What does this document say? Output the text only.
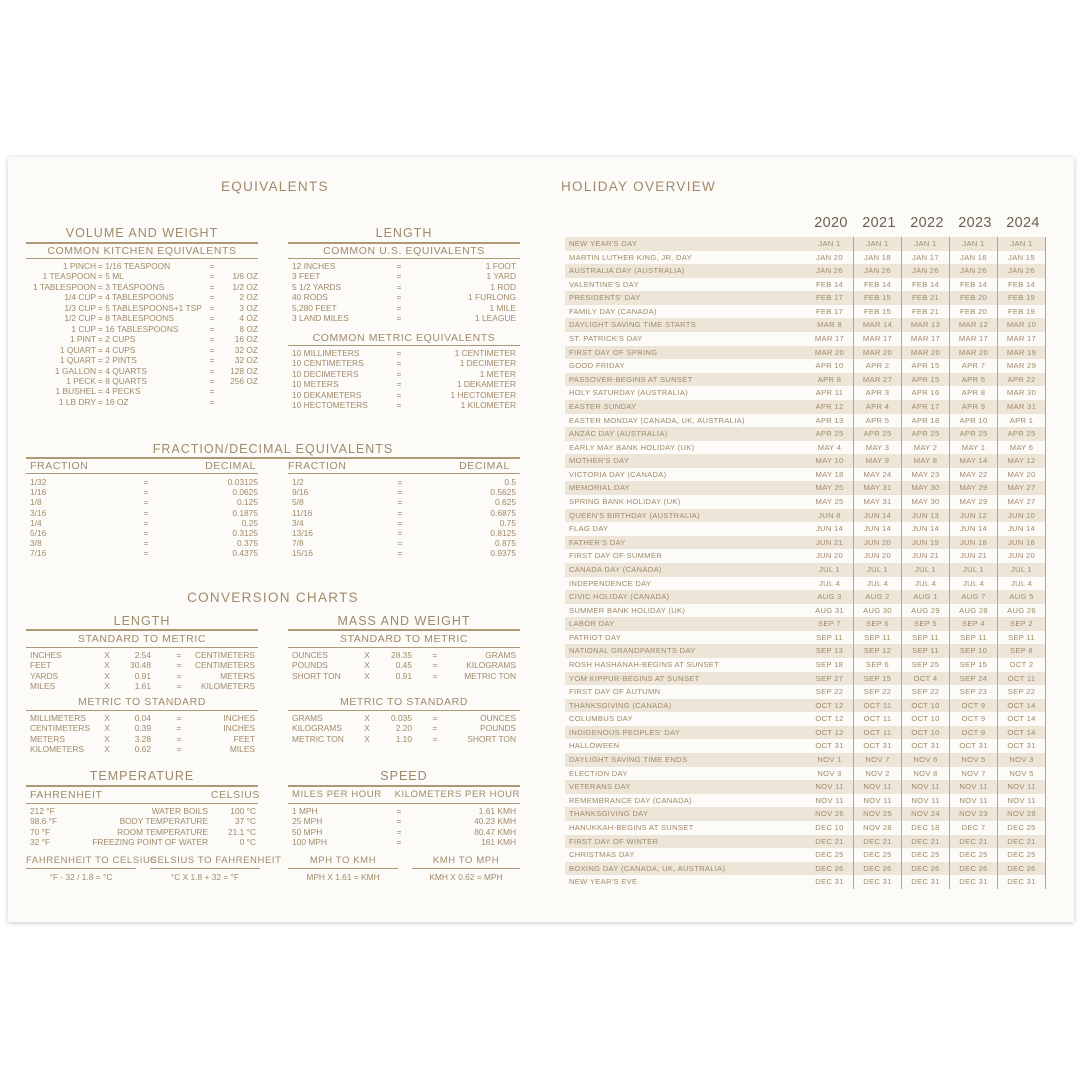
EQUIVALENTS
VOLUME AND WEIGHT
COMMON KITCHEN EQUIVALENTS
1 PINCH = 1/16 TEASPOON	=
1 TEASPOON = 5 ML	=	1/6 OZ
1 TABLESPOON = 3 TEASPOONS	=	1/2 OZ
1/4 CUP = 4 TABLESPOONS	=	2 OZ
1/3 CUP = 5 TABLESPOONS+1 TSP =	3 OZ
1/2 CUP = 8 TABLESPOONS	=	4 OZ
1 CUP = 16 TABLESPOONS	=	8 OZ
1 PINT = 2 CUPS	=	16 OZ
1 QUART = 4 CUPS	=	32 OZ
1 QUART = 2 PINTS	=	32 OZ
1 GALLON = 4 QUARTS	=	128 OZ
1 PECK = 8 QUARTS	=	256 OZ
1 BUSHEL = 4 PECKS	=
1 LB DRY = 16 OZ	=
LENGTH
COMMON U.S. EQUIVALENTS
12 INCHES	=	1 FOOT
3 FEET	=	1 YARD
5 1/2 YARDS	=	1 ROD
40 RODS	=	1 FURLONG
5,280 FEET	=	1 MILE
3 LAND MILES	=	1 LEAGUE
COMMON METRIC EQUIVALENTS
10 MILLIMETERS	=	1 CENTIMETER
10 CENTIMETERS	=	1 DECIMETER
10 DECIMETERS	=	1 METER
10 METERS	=	1 DEKAMETER
10 DEKAMETERS	=	1 HECTOMETER
10 HECTOMETERS	=	1 KILOMETER
FRACTION/DECIMAL EQUIVALENTS
FRACTION	DECIMAL	FRACTION	DECIMAL
1/32	=	0.03125
1/16	=	0.0625
1/8	=	0.125
3/16	=	0.1875
1/4	=	0.25
5/16	=	0.3125
3/8	=	0.375
7/16	=	0.4375
1/2	=	0.5
9/16	=	0.5625
5/8	=	0.625
11/16	=	0.6875
3/4	=	0.75
13/16	=	0.8125
7/8	=	0.875
15/16	=	0.9375
CONVERSION CHARTS
LENGTH
STANDARD TO METRIC
INCHES	X	2.54	=	CENTIMETERS
FEET	X	30.48	=	CENTIMETERS
YARDS	X	0.91	=	METERS
MILES	X	1.61	=	KILOMETERS
METRIC TO STANDARD
MILLIMETERS	X	0.04	=	INCHES
CENTIMETERS	X	0.39	=	INCHES
METERS	X	3.28	=	FEET
KILOMETERS	X	0.62	=	MILES
MASS AND WEIGHT
STANDARD TO METRIC
OUNCES	X	28.35	=	GRAMS
POUNDS	X	0.45	=	KILOGRAMS
SHORT TON	X	0.91	=	METRIC TON
METRIC TO STANDARD
GRAMS	X	0.035	=	OUNCES
KILOGRAMS	X	2.20	=	POUNDS
METRIC TON	X	1.10	=	SHORT TON
TEMPERATURE
FAHRENHEIT	CELSIUS
212 °F	WATER BOILS	100 °C
98.6 °F	BODY TEMPERATURE	37 °C
70 °F	ROOM TEMPERATURE	21.1 °C
32 °F	FREEZING POINT OF WATER	0 °C
FAHRENHEIT TO CELSIUS
°F - 32 / 1.8 = °C
CELSIUS TO FAHRENHEIT
°C X 1.8 + 32 = °F
SPEED
MILES PER HOUR	KILOMETERS PER HOUR
1 MPH	=	1.61 KMH
25 MPH	=	40.23 KMH
50 MPH	=	80.47 KMH
100 MPH	=	161 KMH
MPH TO KMH
MPH X 1.61 = KMH
KMH TO MPH
KMH X 0.62 = MPH
HOLIDAY OVERVIEW
2020	2021	2022	2023	2024
NEW YEAR'S DAY	JAN 1	JAN 1	JAN 1	JAN 1	JAN 1
MARTIN LUTHER KING, JR. DAY	JAN 20	JAN 18	JAN 17	JAN 16	JAN 15
AUSTRALIA DAY (AUSTRALIA)	JAN 26	JAN 26	JAN 26	JAN 26	JAN 26
VALENTINE'S DAY	FEB 14	FEB 14	FEB 14	FEB 14	FEB 14
PRESIDENTS' DAY	FEB 17	FEB 15	FEB 21	FEB 20	FEB 19
FAMILY DAY (CANADA)	FEB 17	FEB 15	FEB 21	FEB 20	FEB 19
DAYLIGHT SAVING TIME STARTS	MAR 8	MAR 14	MAR 13	MAR 12	MAR 10
ST. PATRICK'S DAY	MAR 17	MAR 17	MAR 17	MAR 17	MAR 17
FIRST DAY OF SPRING	MAR 20	MAR 20	MAR 20	MAR 20	MAR 19
GOOD FRIDAY	APR 10	APR 2	APR 15	APR 7	MAR 29
PASSOVER-BEGINS AT SUNSET	APR 8	MAR 27	APR 15	APR 5	APR 22
HOLY SATURDAY (AUSTRALIA)	APR 11	APR 3	APR 16	APR 8	MAR 30
EASTER SUNDAY	APR 12	APR 4	APR 17	APR 9	MAR 31
EASTER MONDAY (CANADA, UK, AUSTRALIA)	APR 13	APR 5	APR 18	APR 10	APR 1
ANZAC DAY (AUSTRALIA)	APR 25	APR 25	APR 25	APR 25	APR 25
EARLY MAY BANK HOLIDAY (UK)	MAY 4	MAY 3	MAY 2	MAY 1	MAY 6
MOTHER'S DAY	MAY 10	MAY 9	MAY 8	MAY 14	MAY 12
VICTORIA DAY (CANADA)	MAY 18	MAY 24	MAY 23	MAY 22	MAY 20
MEMORIAL DAY	MAY 25	MAY 31	MAY 30	MAY 29	MAY 27
SPRING BANK HOLIDAY (UK)	MAY 25	MAY 31	MAY 30	MAY 29	MAY 27
QUEEN'S BIRTHDAY (AUSTRALIA)	JUN 8	JUN 14	JUN 13	JUN 12	JUN 10
FLAG DAY	JUN 14	JUN 14	JUN 14	JUN 14	JUN 14
FATHER'S DAY	JUN 21	JUN 20	JUN 19	JUN 18	JUN 16
FIRST DAY OF SUMMER	JUN 20	JUN 20	JUN 21	JUN 21	JUN 20
CANADA DAY (CANADA)	JUL 1	JUL 1	JUL 1	JUL 1	JUL 1
INDEPENDENCE DAY	JUL 4	JUL 4	JUL 4	JUL 4	JUL 4
CIVIC HOLIDAY (CANADA)	AUG 3	AUG 2	AUG 1	AUG 7	AUG 5
SUMMER BANK HOLIDAY (UK)	AUG 31	AUG 30	AUG 29	AUG 28	AUG 26
LABOR DAY	SEP 7	SEP 6	SEP 5	SEP 4	SEP 2
PATRIOT DAY	SEP 11	SEP 11	SEP 11	SEP 11	SEP 11
NATIONAL GRANDPARENTS DAY	SEP 13	SEP 12	SEP 11	SEP 10	SEP 8
ROSH HASHANAH-BEGINS AT SUNSET	SEP 18	SEP 6	SEP 25	SEP 15	OCT 2
YOM KIPPUR-BEGINS AT SUNSET	SEP 27	SEP 15	OCT 4	SEP 24	OCT 11
FIRST DAY OF AUTUMN	SEP 22	SEP 22	SEP 22	SEP 23	SEP 22
THANKSGIVING (CANADA)	OCT 12	OCT 11	OCT 10	OCT 9	OCT 14
COLUMBUS DAY	OCT 12	OCT 11	OCT 10	OCT 9	OCT 14
INDIGENOUS PEOPLES' DAY	OCT 12	OCT 11	OCT 10	OCT 9	OCT 14
HALLOWEEN	OCT 31	OCT 31	OCT 31	OCT 31	OCT 31
DAYLIGHT SAVING TIME ENDS	NOV 1	NOV 7	NOV 6	NOV 5	NOV 3
ELECTION DAY	NOV 3	NOV 2	NOV 8	NOV 7	NOV 5
VETERANS DAY	NOV 11	NOV 11	NOV 11	NOV 11	NOV 11
REMEMBRANCE DAY (CANADA)	NOV 11	NOV 11	NOV 11	NOV 11	NOV 11
THANKSGIVING DAY	NOV 26	NOV 25	NOV 24	NOV 23	NOV 28
HANUKKAH-BEGINS AT SUNSET	DEC 10	NOV 28	DEC 18	DEC 7	DEC 25
FIRST DAY OF WINTER	DEC 21	DEC 21	DEC 21	DEC 21	DEC 21
CHRISTMAS DAY	DEC 25	DEC 25	DEC 25	DEC 25	DEC 25
BOXING DAY (CANADA, UK, AUSTRALIA)	DEC 26	DEC 26	DEC 26	DEC 26	DEC 26
NEW YEAR'S EVE	DEC 31	DEC 31	DEC 31	DEC 31	DEC 31
